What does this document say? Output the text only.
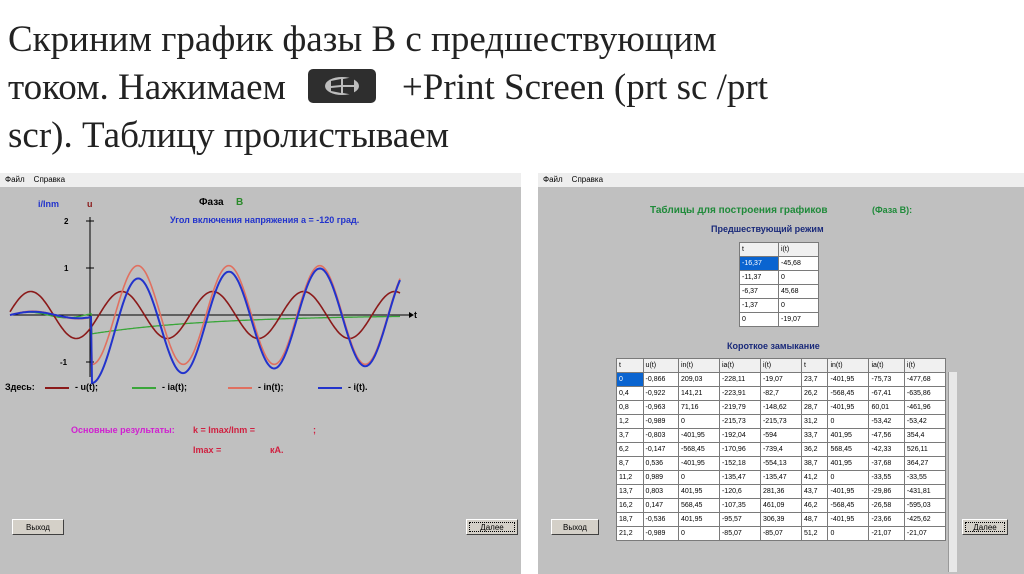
Скриним график фазы В с предшествующим
током. Нажимаем	+Print Screen (prt sc /prt
scr). Таблицу пролистываем
Файл Справка
i/Inm	u
t
2
1
-1
Фаза B
Угол включения напряжения a = -120 град.
Здесь:	- u(t);	- ia(t);	- in(t);	- i(t).
Основные результаты: k = Imax/Inm =	;
Imax =	кА.
Выход	Далее
Файл Справка
Таблицы для построения графиков	(Фаза B):
Предшествующий режим
t	i(t)
-16,37	-45,68
-11,37	0
-6,37	45,68
-1,37	0
0	-19,07
Короткое замыкание
t	u(t)	in(t)	ia(t)	i(t)	t	in(t)	ia(t)	i(t)
0	-0,866	209,03	-228,11	-19,07	23,7	-401,95	-75,73	-477,68
0,4	-0,922	141,21	-223,91	-82,7	26,2	-568,45	-67,41	-635,86
0,8	-0,963	71,16	-219,79	-148,62	28,7	-401,95	60,01	-461,96
1,2	-0,989	0	-215,73	-215,73	31,2	0	-53,42	-53,42
3,7	-0,803	-401,95	-192,04	-594	33,7	401,95	-47,56	354,4
6,2	-0,147	-568,45	-170,96	-739,4	36,2	568,45	-42,33	526,11
8,7	0,536	-401,95	-152,18	-554,13	38,7	401,95	-37,68	364,27
11,2	0,989	0	-135,47	-135,47	41,2	0	-33,55	-33,55
13,7	0,803	401,95	-120,6	281,36	43,7	-401,95	-29,86	-431,81
16,2	0,147	568,45	-107,35	461,09	46,2	-568,45	-26,58	-595,03
18,7	-0,536	401,95	-95,57	306,39	48,7	-401,95	-23,66	-425,62
21,2	-0,989	0	-85,07	-85,07	51,2	0	-21,07	-21,07
Выход	Далее
